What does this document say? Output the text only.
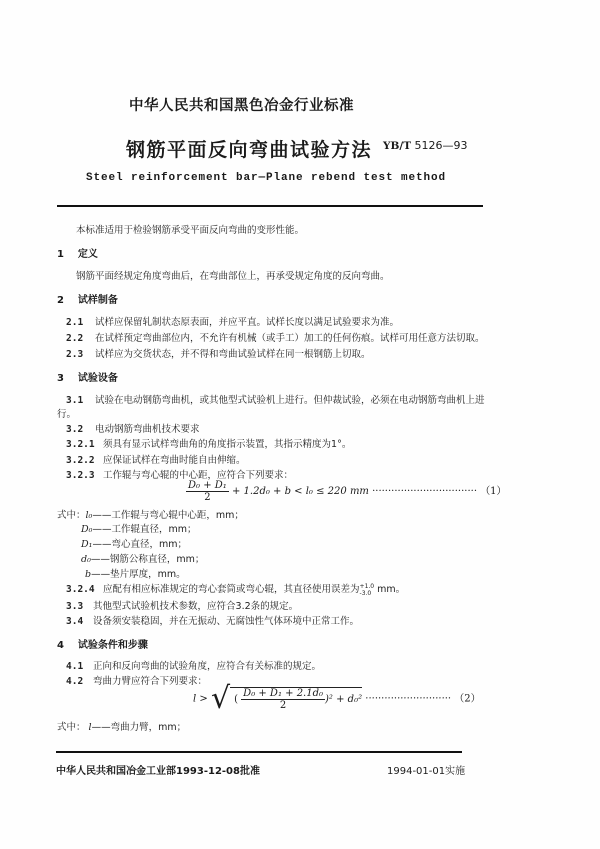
中华人民共和国黑色冶金行业标准
钢筋平面反向弯曲试验方法 YB/T 5126—93
Steel reinforcement bar—Plane rebend test method
本标准适用于检验钢筋承受平面反向弯曲的变形性能。
1 定义
钢筋平面经规定角度弯曲后，在弯曲部位上，再承受规定角度的反向弯曲。
2 试样制备
2.1 试样应保留轧制状态原表面，并应平直。试样长度以满足试验要求为准。
2.2 在试样预定弯曲部位内，不允许有机械（或手工）加工的任何伤痕。试样可用任意方法切取。
2.3 试样应为交货状态，并不得和弯曲试验试样在同一根钢筋上切取。
3 试验设备
3.1 试验在电动钢筋弯曲机，或其他型式试验机上进行。但仲裁试验，必须在电动钢筋弯曲机上进
行。
3.2 电动钢筋弯曲机技术要求
3.2.1 须具有显示试样弯曲角的角度指示装置，其指示精度为1°。
3.2.2 应保证试样在弯曲时能自由伸缩。
3.2.3 工作辊与弯心辊的中心距，应符合下列要求：
$\frac{\text{D₀ + D₁}}{2} + 1.2d_0 + b < l_0 \le 220$ mm ································· （1）
式中：l₀——工作辊与弯心辊中心距，mm；
D₀——工作辊直径，mm；
D₁——弯心直径，mm；
d₀——钢筋公称直径，mm；
b——垫片厚度，mm。
3.2.4 应配有相应标准规定的弯心套筒或弯心辊，其直径使用误差为 +1.0
-3.0 mm。
3.3 其他型式试验机技术参数，应符合3.2条的规定。
3.4 设备须安装稳固，并在无振动、无腐蚀性气体环境中正常工作。
4 试验条件和步骤
4.1 正向和反向弯曲的试验角度，应符合有关标准的规定。
4.2 弯曲力臂应符合下列要求：
l > √ ( $\frac{\text{D₀ + D₁ + 2.1d₀}}{2} )^2 + d_0^2$ ··························· （2）
式中： l——弯曲力臂，mm；
中华人民共和国冶金工业部1993-12-08批准	1994-01-01实施
